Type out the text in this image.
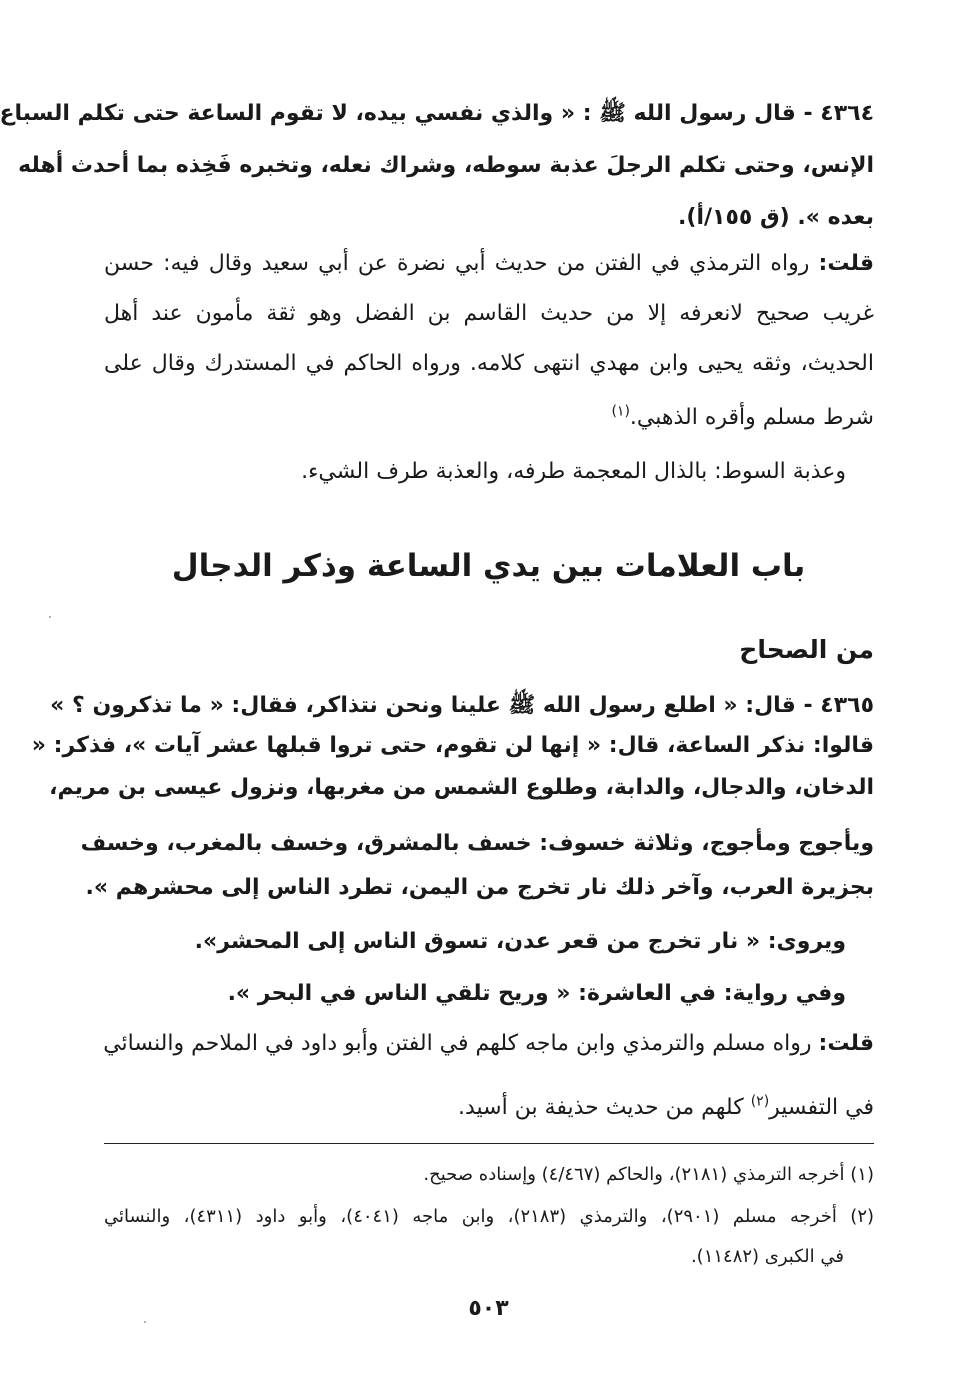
٤٣٦٤ - قال رسول الله ﷺ : « والذي نفسي بيده، لا تقوم الساعة حتى تكلم السباع
الإنس، وحتى تكلم الرجلَ عذبة سوطه، وشراك نعله، وتخبره فَخِذه بما أحدث أهله
بعده ». (ق ١٥٥/أ).
قلت: رواه الترمذي في الفتن من حديث أبي نضرة عن أبي سعيد وقال فيه: حسن
غريب صحيح لانعرفه إلا من حديث القاسم بن الفضل وهو ثقة مأمون عند أهل
الحديث، وثقه يحيى وابن مهدي انتهى كلامه. ورواه الحاكم في المستدرك وقال على
شرط مسلم وأقره الذهبي.$^{(١)}$
وعذبة السوط: بالذال المعجمة طرفه، والعذبة طرف الشيء.
باب العلامات بين يدي الساعة وذكر الدجال
من الصحاح
٤٣٦٥ - قال: « اطلع رسول الله ﷺ علينا ونحن نتذاكر، فقال: « ما تذكرون ؟ »
قالوا: نذكر الساعة، قال: « إنها لن تقوم، حتى تروا قبلها عشر آيات »، فذكر: «
الدخان، والدجال، والدابة، وطلوع الشمس من مغربها، ونزول عيسى بن مريم،
ويأجوج ومأجوج، وثلاثة خسوف: خسف بالمشرق، وخسف بالمغرب، وخسف
بجزيرة العرب، وآخر ذلك نار تخرج من اليمن، تطرد الناس إلى محشرهم ».
ويروى: « نار تخرج من قعر عدن، تسوق الناس إلى المحشر».
وفي رواية: في العاشرة: « وريح تلقي الناس في البحر ».
قلت: رواه مسلم والترمذي وابن ماجه كلهم في الفتن وأبو داود في الملاحم والنسائي
في التفسير$^{(٢)}$ كلهم من حديث حذيفة بن أسيد.
(١) أخرجه الترمذي (٢١٨١)، والحاكم (٤/٤٦٧) وإسناده صحيح.
(٢) أخرجه مسلم (٢٩٠١)، والترمذي (٢١٨٣)، وابن ماجه (٤٠٤١)، وأبو داود (٤٣١١)، والنسائي
في الكبرى (١١٤٨٢).
٥٠٣
